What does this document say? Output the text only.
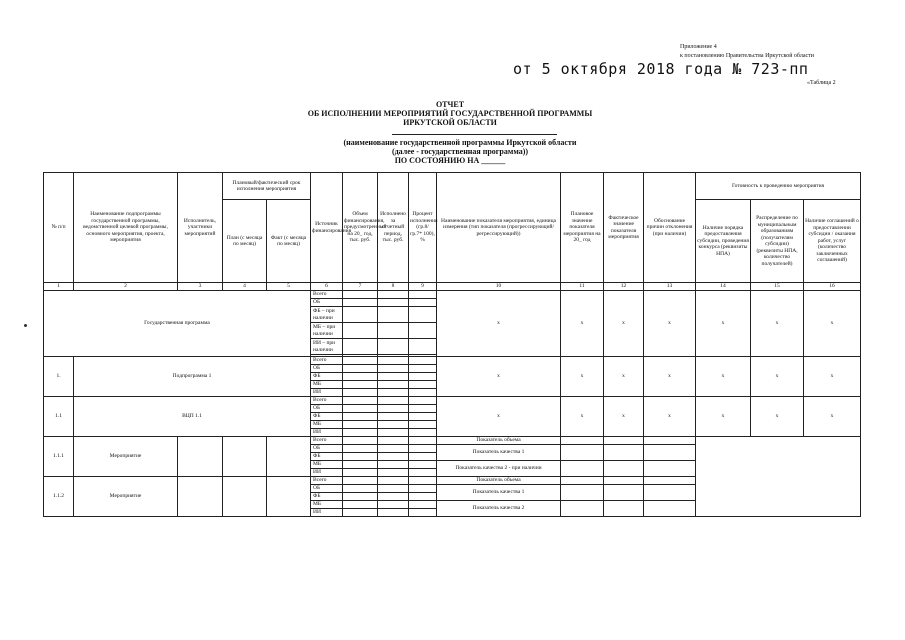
Приложение 4
к постановлению Правительства Иркутской области
от 5 октября 2018 года № 723-пп
«Таблица 2
ОТЧЕТ
ОБ ИСПОЛНЕНИИ МЕРОПРИЯТИЙ ГОСУДАРСТВЕННОЙ ПРОГРАММЫ
ИРКУТСКОЙ ОБЛАСТИ
(наименование государственной программы Иркутской области
(далее - государственная программа))
ПО СОСТОЯНИЮ НА ______
№ п/п	Наименование подпрограммы государственной программы, ведомственной целевой программы, основного мероприятия, проекта, мероприятия	Исполнитель, участники мероприятий	Плановый/фактический срок исполнения мероприятия		Источник финансирования	Объем финансирования, предусмотренный на 20_ год, тыс. руб.	Исполнено за отчетный период, тыс. руб.	Процент исполнения (гр.8/ гр.7* 100), %	Наименование показателя мероприятия, единица измерения (тип показателя (прогрессирующий/регрессирующий))	Плановое значение показателя мероприятия на 20_ год	Фактическое значение показателя мероприятия	Обоснование причин отклонения (при наличии)	Готовность к проведению мероприятия		
			План (с месяца по месяц)	Факт (с месяца по месяц)									Наличие порядка предоставления субсидии, проведения конкурса (реквизиты НПА)	Распределение по муниципальным образованиям (получателям субсидии)(реквизиты НПА, количество получателей)	Наличие соглашений о предоставлении субсидии / оказания работ, услуг (количество заключенных соглашений)
1	2	3	4	5	6	7	8	9	10	11	12	13	14	15	16
Государственная программа					Всего				х	х	х	х	х	х	х
					ОБ										
					ФБ – при наличии										

					МБ – при наличии										

					ИИ – при наличии										

1.	Подпрограмма 1				Всего				х	х	х	х	х	х	х
					ОБ										
					ФБ										
					МБ										
					ИИ										
1.1	ВЦП 1.1				Всего				х	х	х	х	х	х	х
					ОБ										
					ФБ										
					МБ										
					ИИ										
1.1.1	Мероприятие				Всего				Показатель объема						
					ОБ				Показатель качества 1						
					ФБ										
					МБ				Показатель качества 2 - при наличии						
					ИИ										
1.1.2	Мероприятие				Всего				Показатель объема						
					ОБ				Показатель качества 1						
					ФБ										
					МБ				Показатель качества 2						
					ИИ										
